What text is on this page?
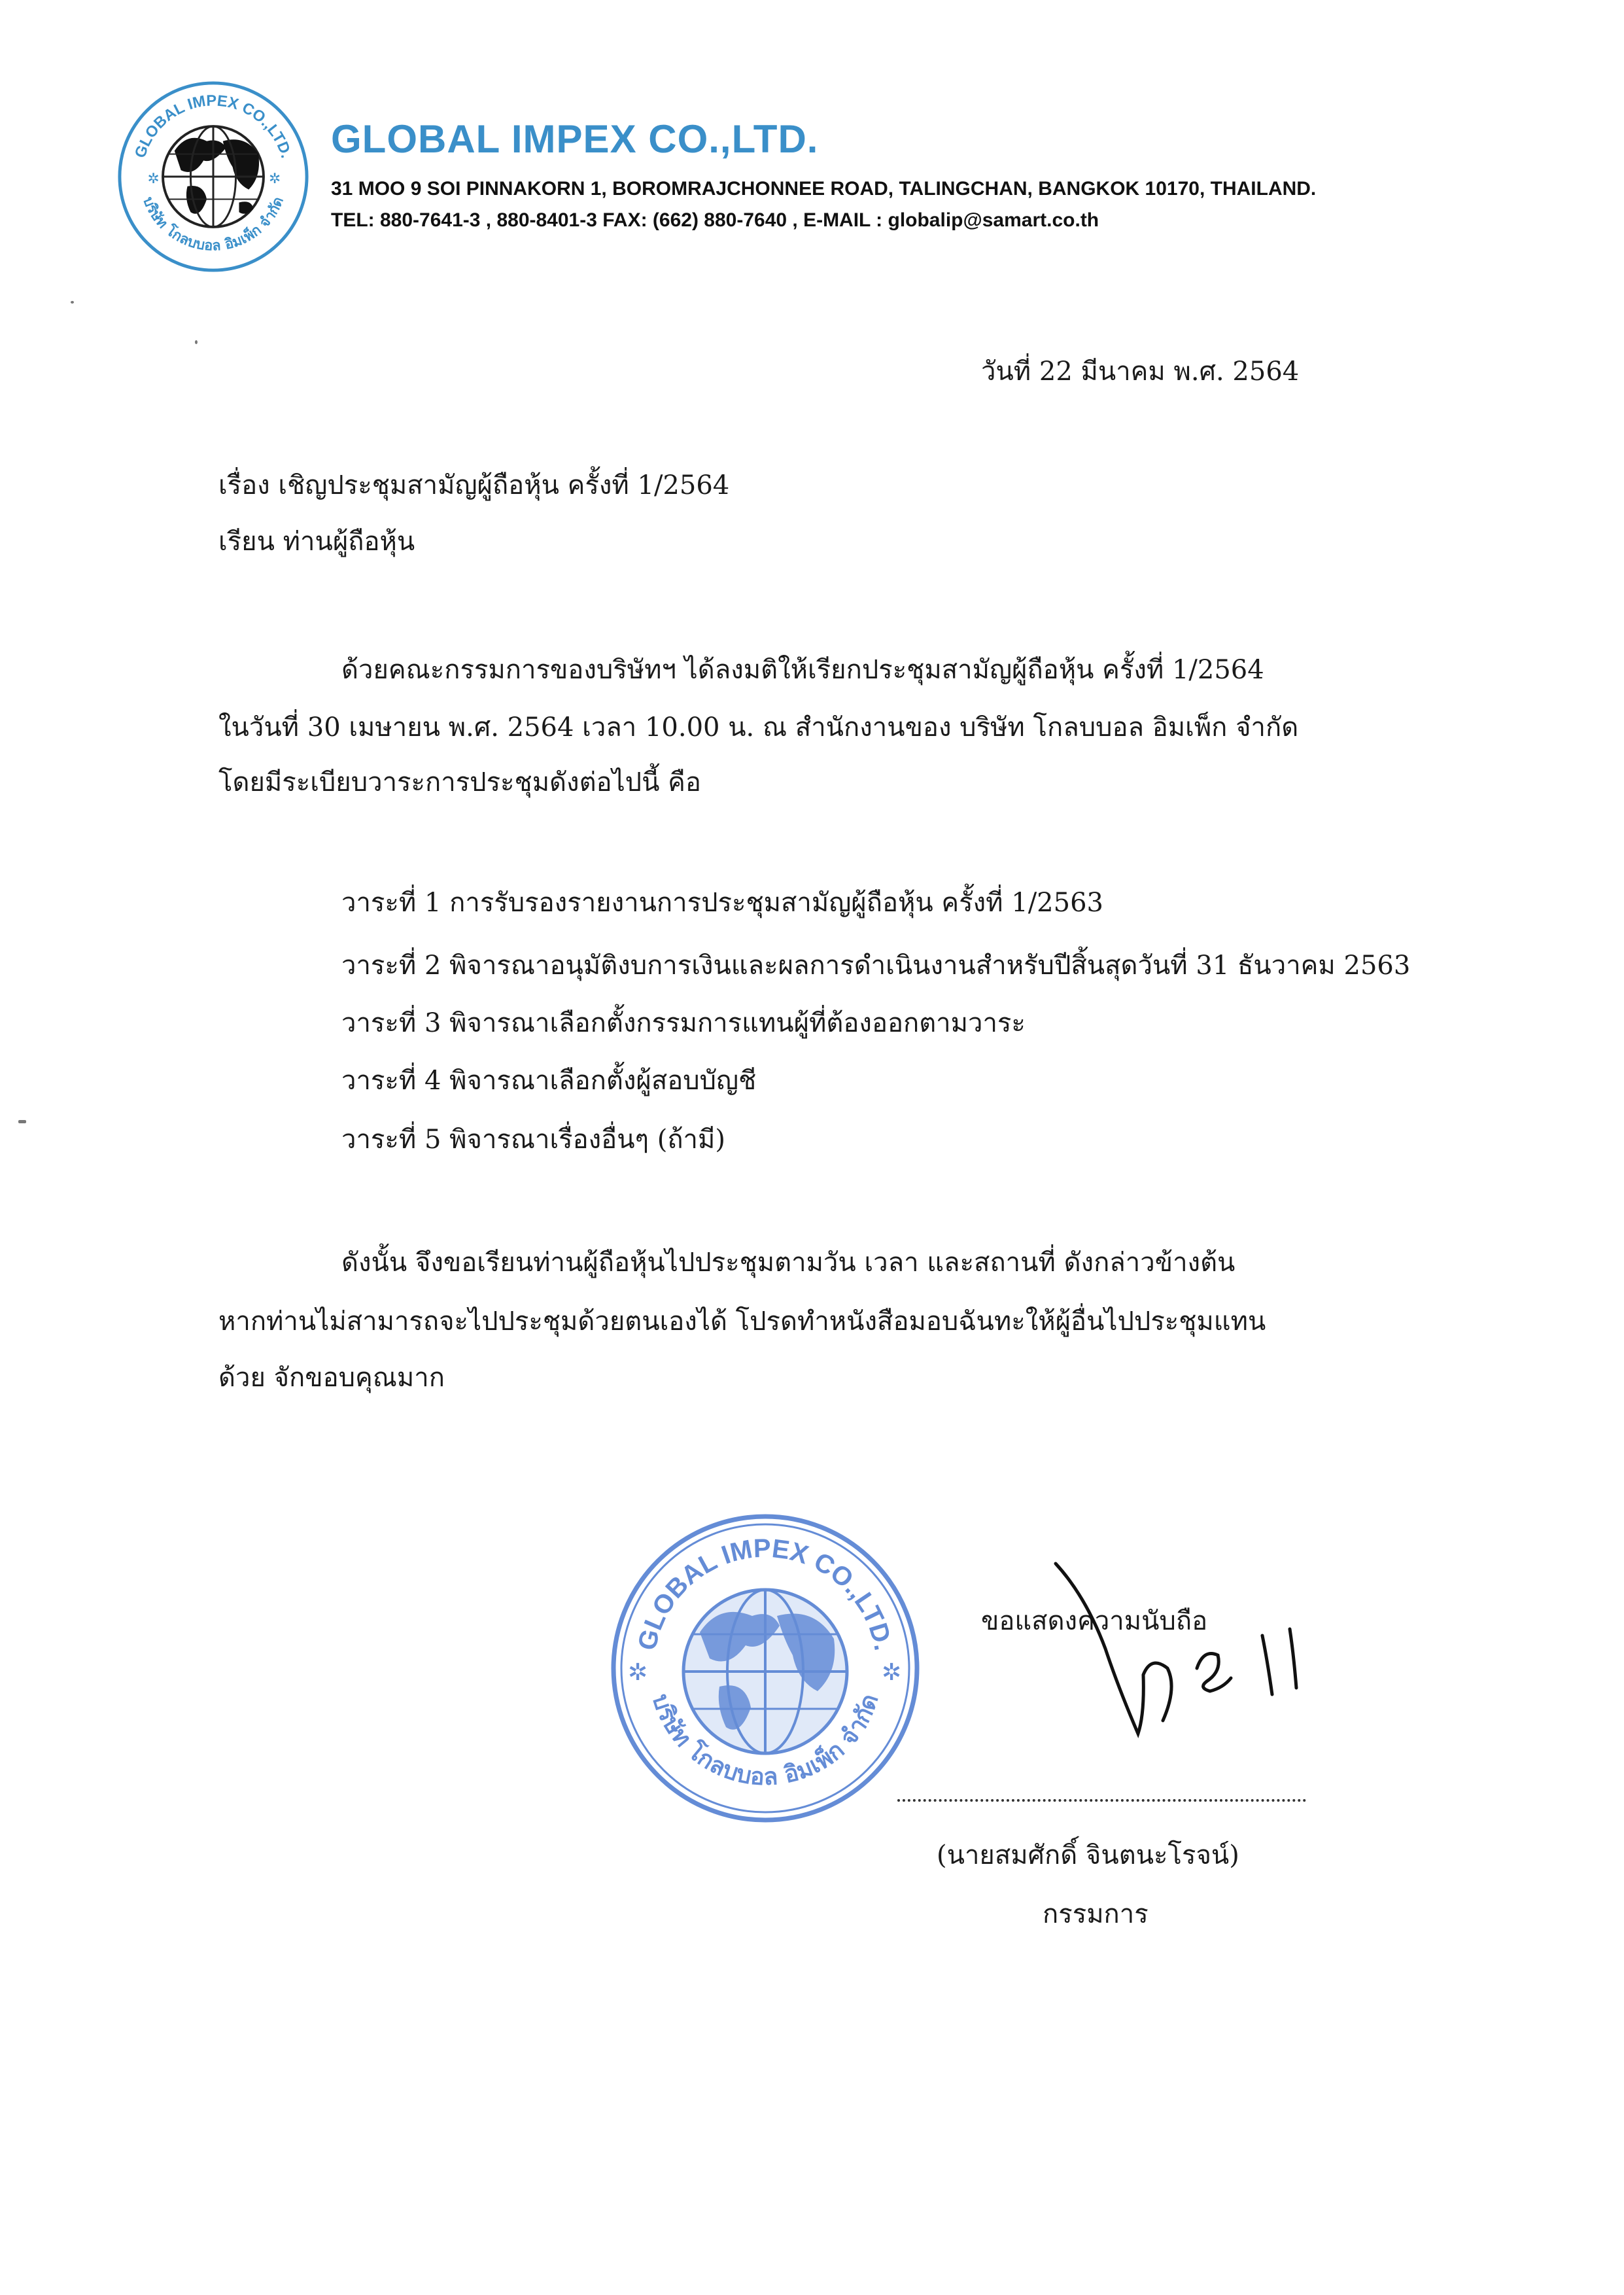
GLOBAL IMPEX CO.,LTD.
บริษัท โกลบบอล อิมเพ็ก จำกัด
✲	✲
GLOBAL IMPEX CO.,LTD.
31 MOO 9 SOI PINNAKORN 1, BOROMRAJCHONNEE ROAD, TALINGCHAN, BANGKOK 10170, THAILAND.
TEL: 880-7641-3 , 880-8401-3 FAX: (662) 880-7640 , E-MAIL : globalip@samart.co.th
วันที่ 22 มีนาคม พ.ศ. 2564
เรื่อง เชิญประชุมสามัญผู้ถือหุ้น ครั้งที่ 1/2564
เรียน ท่านผู้ถือหุ้น
ด้วยคณะกรรมการของบริษัทฯ ได้ลงมติให้เรียกประชุมสามัญผู้ถือหุ้น ครั้งที่ 1/2564
ในวันที่ 30 เมษายน พ.ศ. 2564 เวลา 10.00 น. ณ สำนักงานของ บริษัท โกลบบอล อิมเพ็ก จำกัด
โดยมีระเบียบวาระการประชุมดังต่อไปนี้ คือ
วาระที่ 1 การรับรองรายงานการประชุมสามัญผู้ถือหุ้น ครั้งที่ 1/2563
วาระที่ 2 พิจารณาอนุมัติงบการเงินและผลการดำเนินงานสำหรับปีสิ้นสุดวันที่ 31 ธันวาคม 2563
วาระที่ 3 พิจารณาเลือกตั้งกรรมการแทนผู้ที่ต้องออกตามวาระ
วาระที่ 4 พิจารณาเลือกตั้งผู้สอบบัญชี
วาระที่ 5 พิจารณาเรื่องอื่นๆ (ถ้ามี)
ดังนั้น จึงขอเรียนท่านผู้ถือหุ้นไปประชุมตามวัน เวลา และสถานที่ ดังกล่าวข้างต้น
หากท่านไม่สามารถจะไปประชุมด้วยตนเองได้ โปรดทำหนังสือมอบฉันทะให้ผู้อื่นไปประชุมแทน
ด้วย จักขอบคุณมาก
GLOBAL IMPEX CO.,LTD.
บริษัท โกลบบอล อิมเพ็ก จำกัด
✲	✲
ขอแสดงความนับถือ
(นายสมศักดิ์ จินตนะโรจน์)
กรรมการ
